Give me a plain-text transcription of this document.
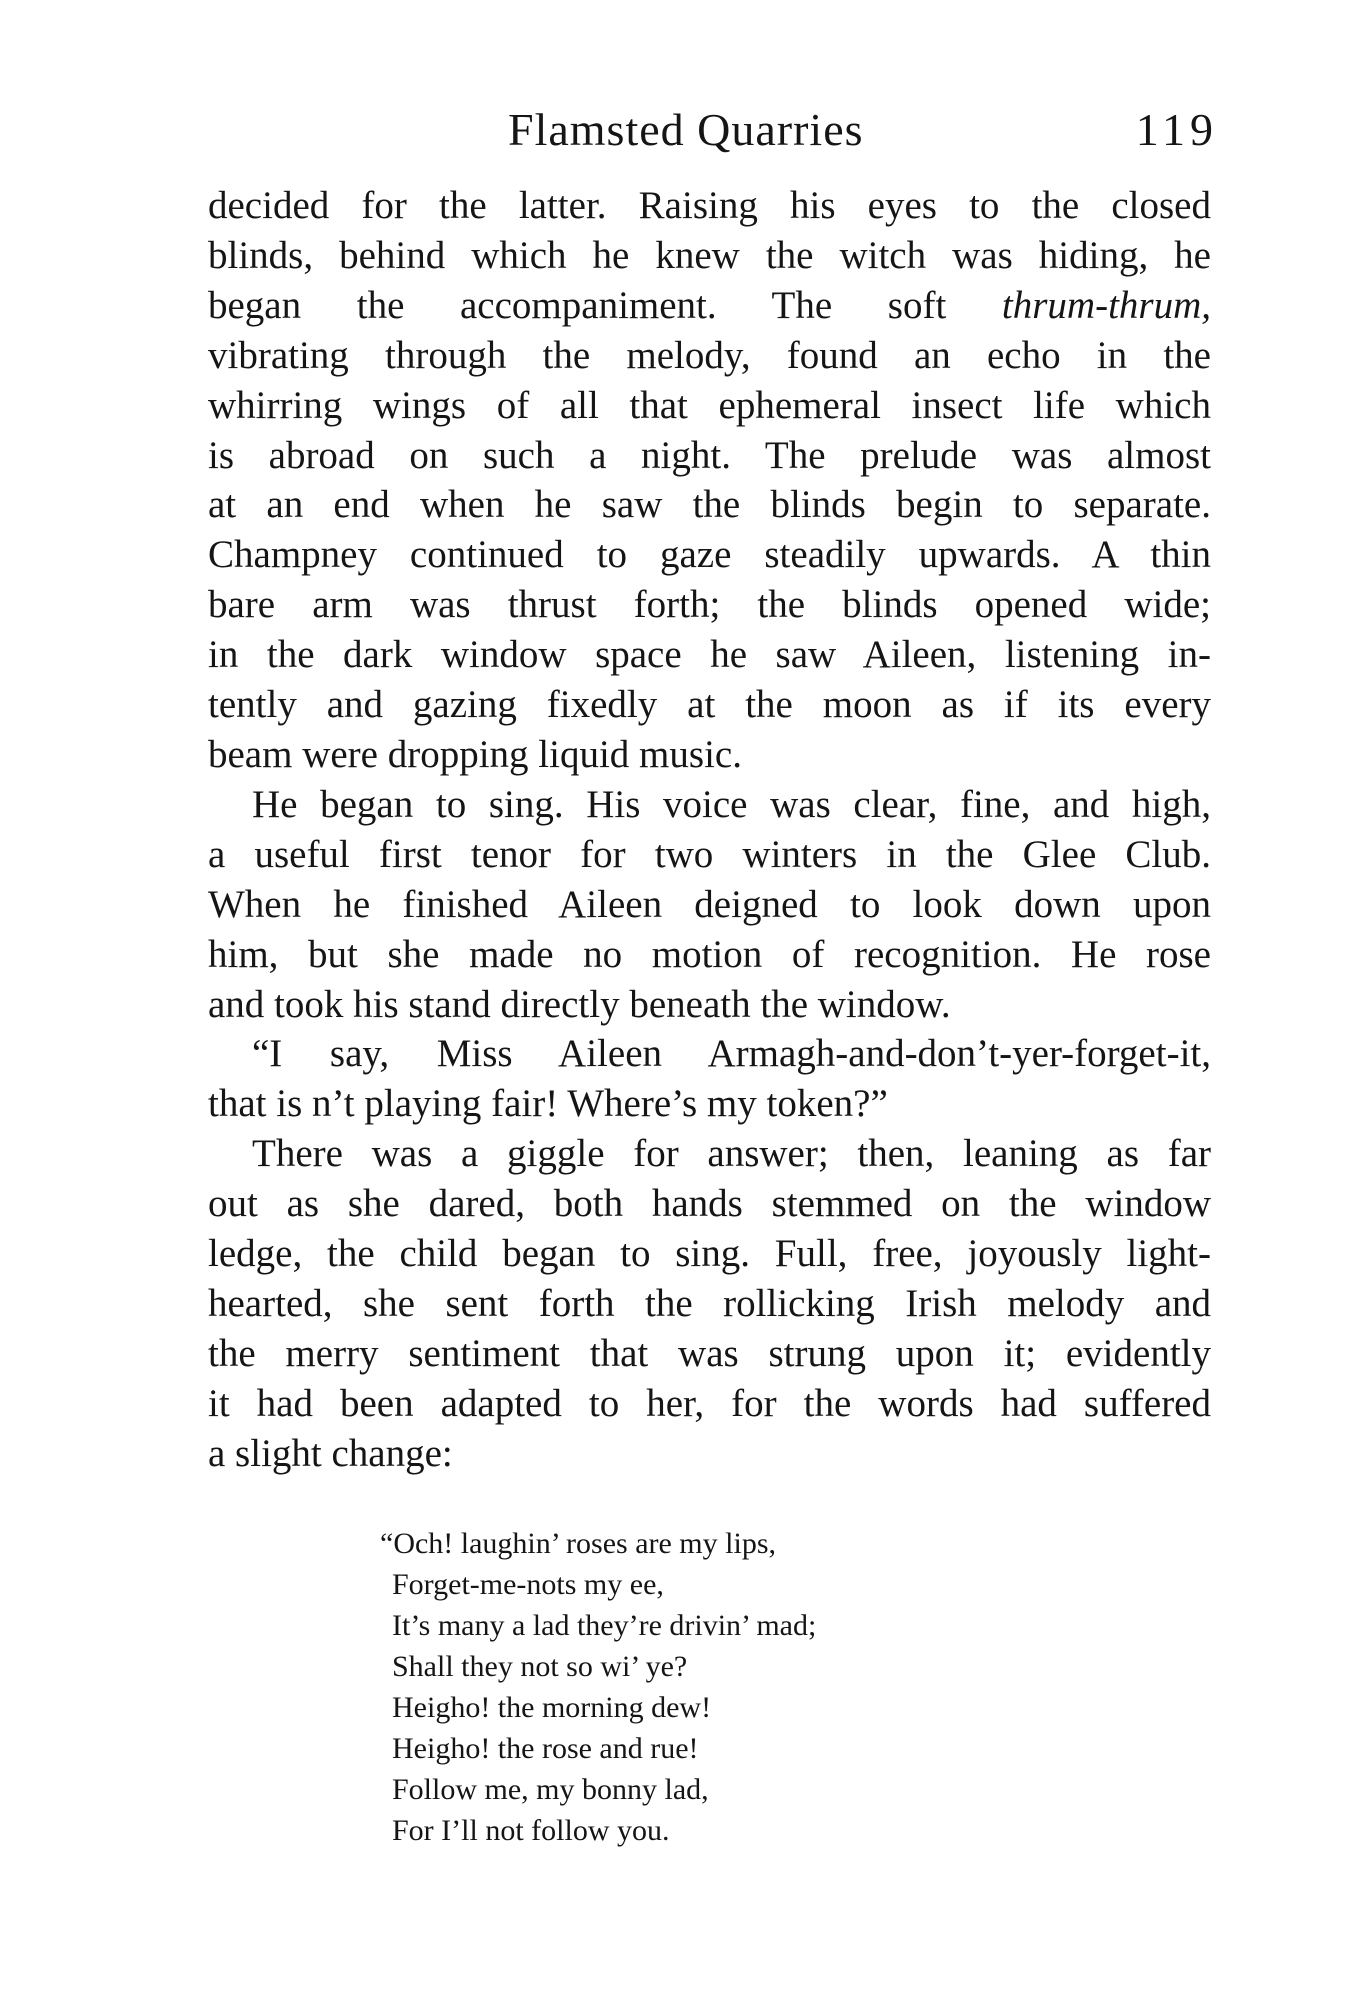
Flamsted Quarries	119

decided for the latter. Raising his eyes to the closed
blinds, behind which he knew the witch was hiding, he
began the accompaniment. The soft thrum-thrum,
vibrating through the melody, found an echo in the
whirring wings of all that ephemeral insect life which
is abroad on such a night. The prelude was almost
at an end when he saw the blinds begin to separate.
Champney continued to gaze steadily upwards. A thin
bare arm was thrust forth; the blinds opened wide;
in the dark window space he saw Aileen, listening in-
tently and gazing fixedly at the moon as if its every
beam were dropping liquid music.

He began to sing. His voice was clear, fine, and high,
a useful first tenor for two winters in the Glee Club.
When he finished Aileen deigned to look down upon
him, but she made no motion of recognition. He rose
and took his stand directly beneath the window.

“I say, Miss Aileen Armagh-and-don’t-yer-forget-it,
that is n’t playing fair! Where’s my token?”

There was a giggle for answer; then, leaning as far
out as she dared, both hands stemmed on the window
ledge, the child began to sing. Full, free, joyously light-
hearted, she sent forth the rollicking Irish melody and
the merry sentiment that was strung upon it; evidently
it had been adapted to her, for the words had suffered
a slight change:

“Och! laughin’ roses are my lips,
Forget-me-nots my ee,
It’s many a lad they’re drivin’ mad;
Shall they not so wi’ ye?
Heigho! the morning dew!
Heigho! the rose and rue!
Follow me, my bonny lad,
For I’ll not follow you.
